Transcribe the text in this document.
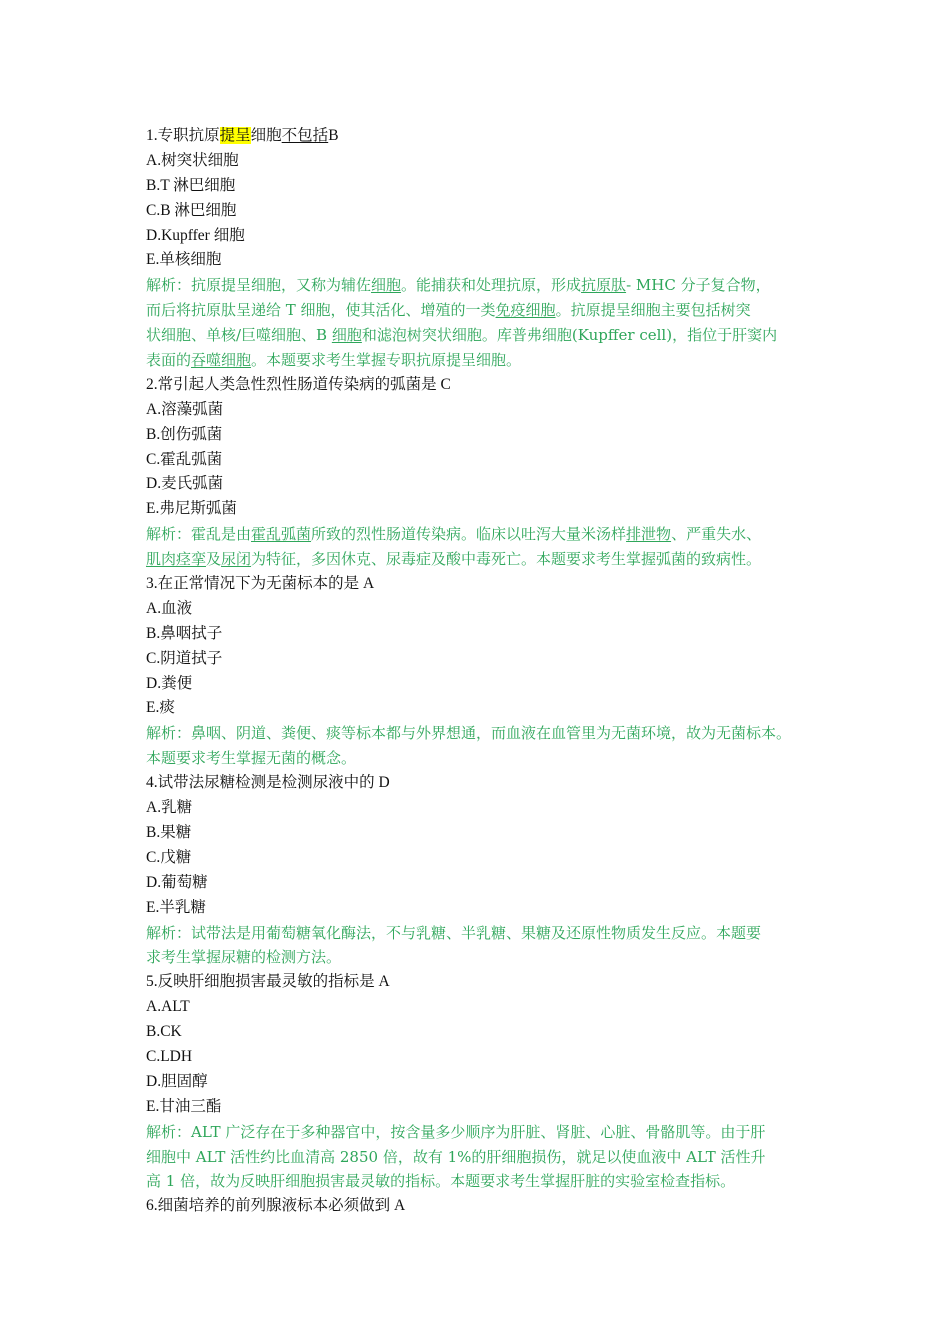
1.专职抗原提呈细胞不包括B
A.树突状细胞
B.T 淋巴细胞
C.B 淋巴细胞
D.Kupffer 细胞
E.单核细胞
解析：抗原提呈细胞，又称为辅佐细胞。能捕获和处理抗原，形成抗原肽- MHC 分子复合物，
而后将抗原肽呈递给 T 细胞，使其活化、增殖的一类免疫细胞。抗原提呈细胞主要包括树突
状细胞、单核/巨噬细胞、B 细胞和滤泡树突状细胞。库普弗细胞(Kupffer cell)，指位于肝窦内
表面的吞噬细胞。本题要求考生掌握专职抗原提呈细胞。
2.常引起人类急性烈性肠道传染病的弧菌是 C
A.溶藻弧菌
B.创伤弧菌
C.霍乱弧菌
D.麦氏弧菌
E.弗尼斯弧菌
解析：霍乱是由霍乱弧菌所致的烈性肠道传染病。临床以吐泻大量米汤样排泄物、严重失水、
肌肉痉挛及尿闭为特征，多因休克、尿毒症及酸中毒死亡。本题要求考生掌握弧菌的致病性。
3.在正常情况下为无菌标本的是 A
A.血液
B.鼻咽拭子
C.阴道拭子
D.粪便
E.痰
解析：鼻咽、阴道、粪便、痰等标本都与外界想通，而血液在血管里为无菌环境，故为无菌标本。
本题要求考生掌握无菌的概念。
4.试带法尿糖检测是检测尿液中的 D
A.乳糖
B.果糖
C.戊糖
D.葡萄糖
E.半乳糖
解析：试带法是用葡萄糖氧化酶法，不与乳糖、半乳糖、果糖及还原性物质发生反应。本题要
求考生掌握尿糖的检测方法。
5.反映肝细胞损害最灵敏的指标是 A
A.ALT
B.CK
C.LDH
D.胆固醇
E.甘油三酯
解析：ALT 广泛存在于多种器官中，按含量多少顺序为肝脏、肾脏、心脏、骨骼肌等。由于肝
细胞中 ALT 活性约比血清高 2850 倍，故有 1%的肝细胞损伤，就足以使血液中 ALT 活性升
高 1 倍，故为反映肝细胞损害最灵敏的指标。本题要求考生掌握肝脏的实验室检查指标。
6.细菌培养的前列腺液标本必须做到 A
